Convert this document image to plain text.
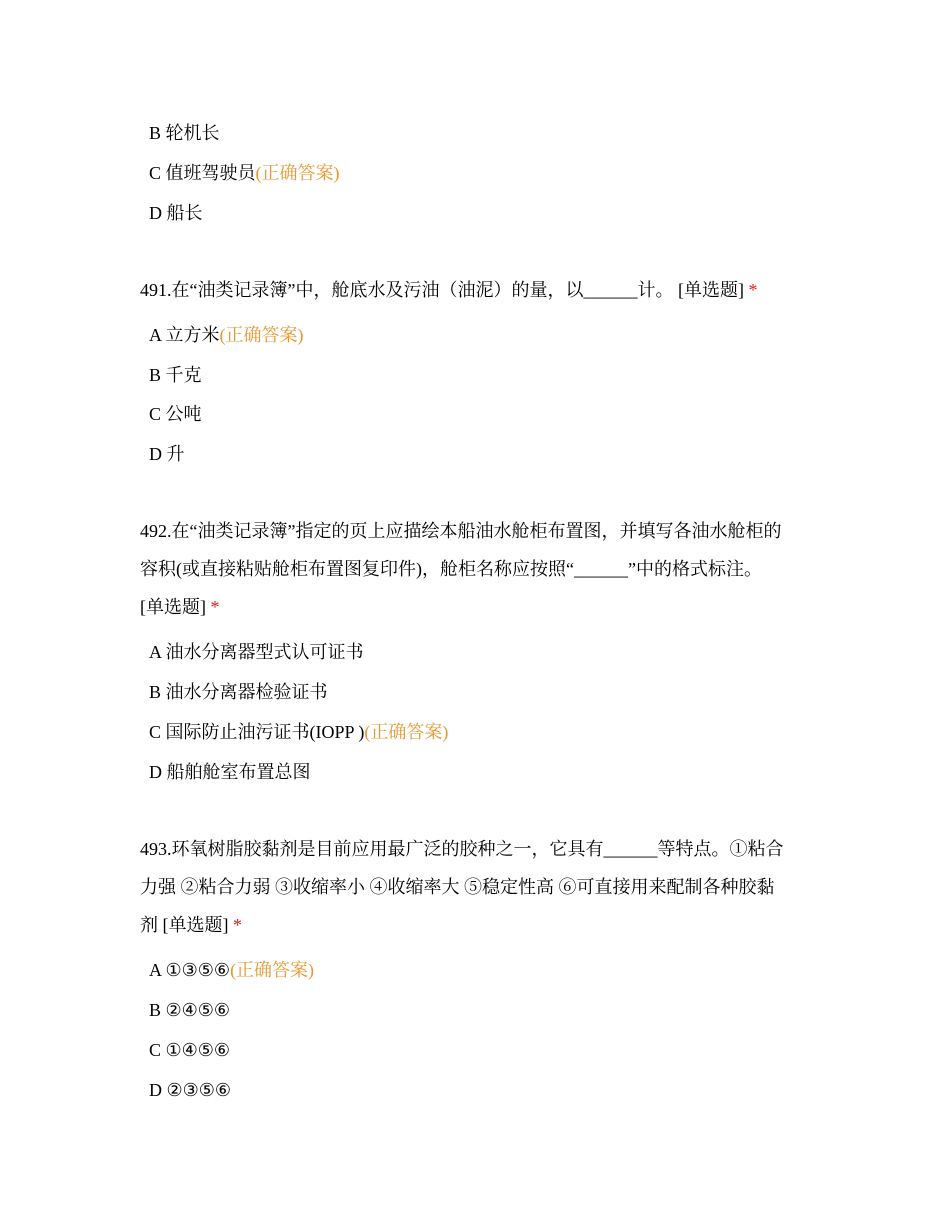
B 轮机长
C 值班驾驶员(正确答案)
D 船长
491.在“油类记录簿”中，舱底水及污油（油泥）的量，以______计。 [单选题] *
A 立方米(正确答案)
B 千克
C 公吨
D 升
492.在“油类记录簿”指定的页上应描绘本船油水舱柜布置图，并填写各油水舱柜的
容积(或直接粘贴舱柜布置图复印件)，舱柜名称应按照“______”中的格式标注。
[单选题] *
A 油水分离器型式认可证书
B 油水分离器检验证书
C 国际防止油污证书(IOPP )(正确答案)
D 船舶舱室布置总图
493.环氧树脂胶黏剂是目前应用最广泛的胶种之一，它具有______等特点。①粘合
力强 ②粘合力弱 ③收缩率小 ④收缩率大 ⑤稳定性高 ⑥可直接用来配制各种胶黏
剂 [单选题] *
A ①③⑤⑥(正确答案)
B ②④⑤⑥
C ①④⑤⑥
D ②③⑤⑥
